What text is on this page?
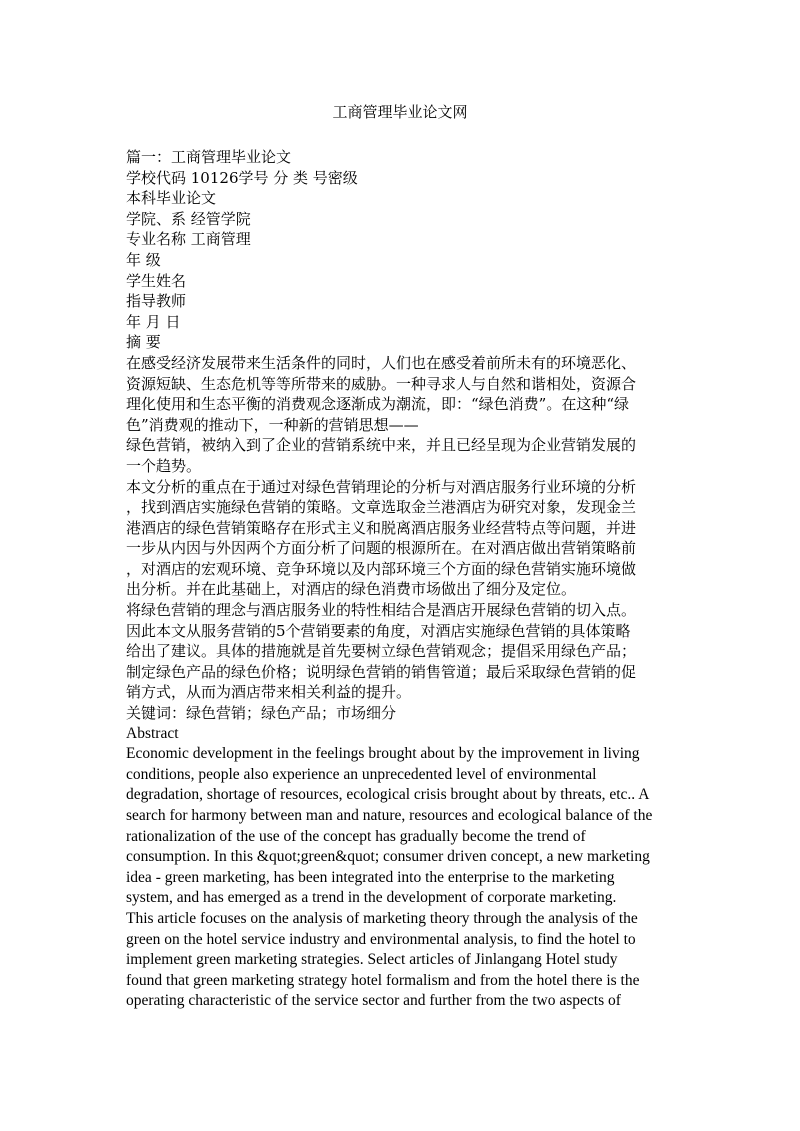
工商管理毕业论文网
篇一：工商管理毕业论文
学校代码 10126学号 分 类 号密级
本科毕业论文
学院、系 经管学院
专业名称 工商管理
年 级
学生姓名
指导教师
年 月 日
摘 要
在感受经济发展带来生活条件的同时，人们也在感受着前所未有的环境恶化、
资源短缺、生态危机等等所带来的威胁。一种寻求人与自然和谐相处，资源合
理化使用和生态平衡的消费观念逐渐成为潮流，即：“绿色消费”。在这种“绿
色”消费观的推动下，一种新的营销思想——
绿色营销，被纳入到了企业的营销系统中来，并且已经呈现为企业营销发展的
一个趋势。
本文分析的重点在于通过对绿色营销理论的分析与对酒店服务行业环境的分析
，找到酒店实施绿色营销的策略。文章选取金兰港酒店为研究对象，发现金兰
港酒店的绿色营销策略存在形式主义和脱离酒店服务业经营特点等问题，并进
一步从内因与外因两个方面分析了问题的根源所在。在对酒店做出营销策略前
，对酒店的宏观环境、竞争环境以及内部环境三个方面的绿色营销实施环境做
出分析。并在此基础上，对酒店的绿色消费市场做出了细分及定位。
将绿色营销的理念与酒店服务业的特性相结合是酒店开展绿色营销的切入点。
因此本文从服务营销的5个营销要素的角度，对酒店实施绿色营销的具体策略
给出了建议。具体的措施就是首先要树立绿色营销观念；提倡采用绿色产品；
制定绿色产品的绿色价格；说明绿色营销的销售管道；最后采取绿色营销的促
销方式，从而为酒店带来相关利益的提升。
关键词：绿色营销；绿色产品；市场细分
Abstract
Economic development in the feelings brought about by the improvement in living
conditions, people also experience an unprecedented level of environmental
degradation, shortage of resources, ecological crisis brought about by threats, etc.. A
search for harmony between man and nature, resources and ecological balance of the
rationalization of the use of the concept has gradually become the trend of
consumption. In this &quot;green&quot; consumer driven concept, a new marketing
idea - green marketing, has been integrated into the enterprise to the marketing
system, and has emerged as a trend in the development of corporate marketing.
This article focuses on the analysis of marketing theory through the analysis of the
green on the hotel service industry and environmental analysis, to find the hotel to
implement green marketing strategies. Select articles of Jinlangang Hotel study
found that green marketing strategy hotel formalism and from the hotel there is the
operating characteristic of the service sector and further from the two aspects of
